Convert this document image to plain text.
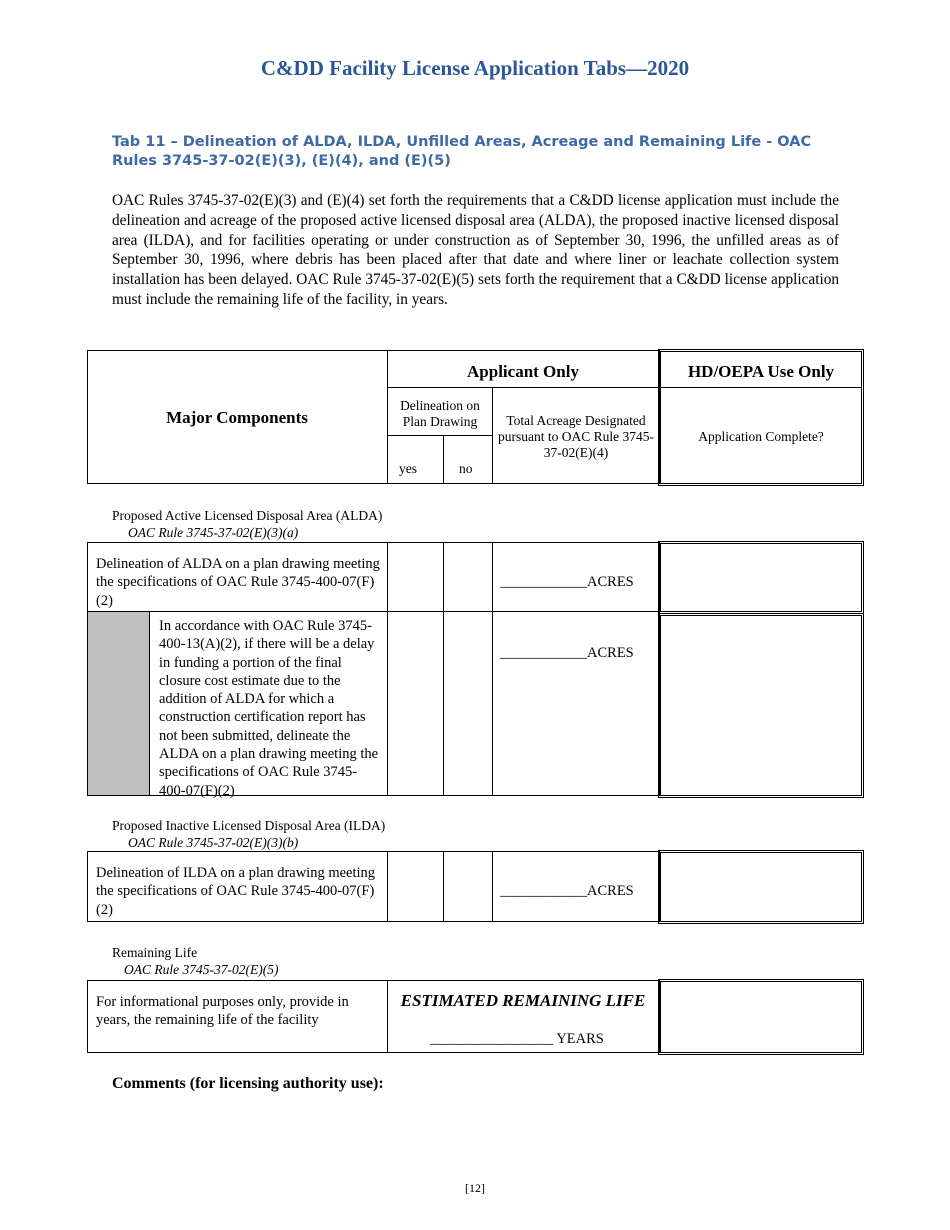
C&DD Facility License Application Tabs—2020
Tab 11 – Delineation of ALDA, ILDA, Unfilled Areas, Acreage and Remaining Life - OAC Rules 3745-37-02(E)(3), (E)(4), and (E)(5)
OAC Rules 3745-37-02(E)(3) and (E)(4) set forth the requirements that a C&DD license application must include the delineation and acreage of the proposed active licensed disposal area (ALDA), the proposed inactive licensed disposal area (ILDA), and for facilities operating or under construction as of September 30, 1996, the unfilled areas as of September 30, 1996, where debris has been placed after that date and where liner or leachate collection system installation has been delayed. OAC Rule 3745-37-02(E)(5) sets forth the requirement that a C&DD license application must include the remaining life of the facility, in years.
Major Components
Applicant Only	HD/OEPA Use Only
Delineation on Plan Drawing
yes	no
Total Acreage Designated pursuant to OAC Rule 3745-37-02(E)(4)
Application Complete?
Proposed Active Licensed Disposal Area (ALDA)
OAC Rule 3745-37-02(E)(3)(a)
Delineation of ALDA on a plan drawing meeting the specifications of OAC Rule 3745-400-07(F)(2)
____________ACRES
In accordance with OAC Rule 3745-400-13(A)(2), if there will be a delay in funding a portion of the final closure cost estimate due to the addition of ALDA for which a construction certification report has not been submitted, delineate the ALDA on a plan drawing meeting the specifications of OAC Rule 3745-400-07(F)(2)
____________ACRES
Proposed Inactive Licensed Disposal Area (ILDA)
OAC Rule 3745-37-02(E)(3)(b)
Delineation of ILDA on a plan drawing meeting the specifications of OAC Rule 3745-400-07(F)(2)
____________ACRES
Remaining Life
OAC Rule 3745-37-02(E)(5)
For informational purposes only, provide in years, the remaining life of the facility
ESTIMATED REMAINING LIFE
_________________ YEARS
Comments (for licensing authority use):
[12]
